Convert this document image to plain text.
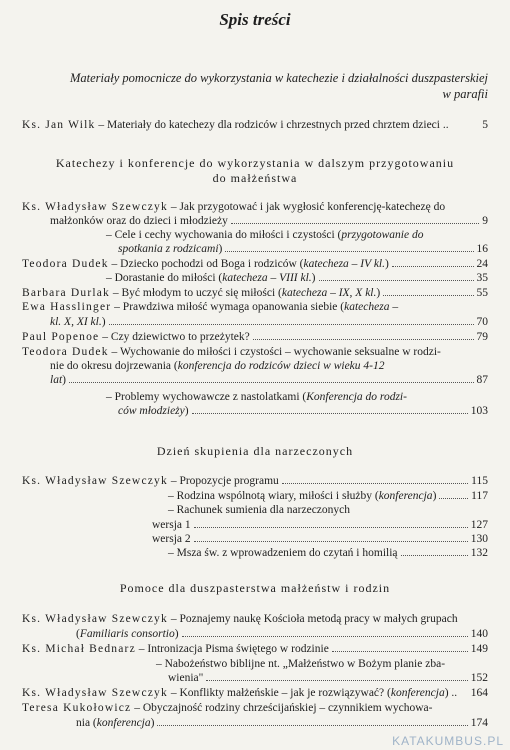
Spis treści
Materiały pomocnicze do wykorzystania w katechezie i działalności duszpasterskiej
w parafii
Ks. Jan Wilk – Materiały do katechezy dla rodziców i chrzestnych przed chrztem dzieci ..	5
Katechezy i konferencje do wykorzystania w dalszym przygotowaniu
do małżeństwa
Ks. Władysław Szewczyk – Jak przygotować i jak wygłosić konferencję-katechezę do
małżonków oraz do dzieci i młodzieży	9
– Cele i cechy wychowania do miłości i czystości (przygotowanie do
spotkania z rodzicami)	16
Teodora Dudek – Dziecko pochodzi od Boga i rodziców (katecheza – IV kl.)	24
– Dorastanie do miłości (katecheza – VIII kl.)	35
Barbara Durlak – Być młodym to uczyć się miłości (katecheza – IX, X kl.)	55
Ewa Hasslinger – Prawdziwa miłość wymaga opanowania siebie (katecheza –
kl. X, XI kl.)	70
Paul Popenoe – Czy dziewictwo to przeżytek?	79
Teodora Dudek – Wychowanie do miłości i czystości – wychowanie seksualne w rodzi-
nie do okresu dojrzewania (konferencja do rodziców dzieci w wieku 4-12
lat)	87
– Problemy wychowawcze z nastolatkami (Konferencja do rodzi-
ców młodzieży)	103
Dzień skupienia dla narzeczonych
Ks. Władysław Szewczyk – Propozycje programu	115
– Rodzina wspólnotą wiary, miłości i służby (konferencja)	117
– Rachunek sumienia dla narzeczonych
wersja 1	127
wersja 2	130
– Msza św. z wprowadzeniem do czytań i homilią	132
Pomoce dla duszpasterstwa małżeństw i rodzin
Ks. Władysław Szewczyk – Poznajemy naukę Kościoła metodą pracy w małych grupach
(Familiaris consortio)	140
Ks. Michał Bednarz – Intronizacja Pisma świętego w rodzinie	149
– Nabożeństwo biblijne nt. „Małżeństwo w Bożym planie zba-
wienia"	152
Ks. Władysław Szewczyk – Konflikty małżeńskie – jak je rozwiązywać? (konferencja) .. 164
Teresa Kukołowicz – Obyczajność rodziny chrześcijańskiej – czynnikiem wychowa-
nia (konferencja)	174
KATAKUMBUS.PL
